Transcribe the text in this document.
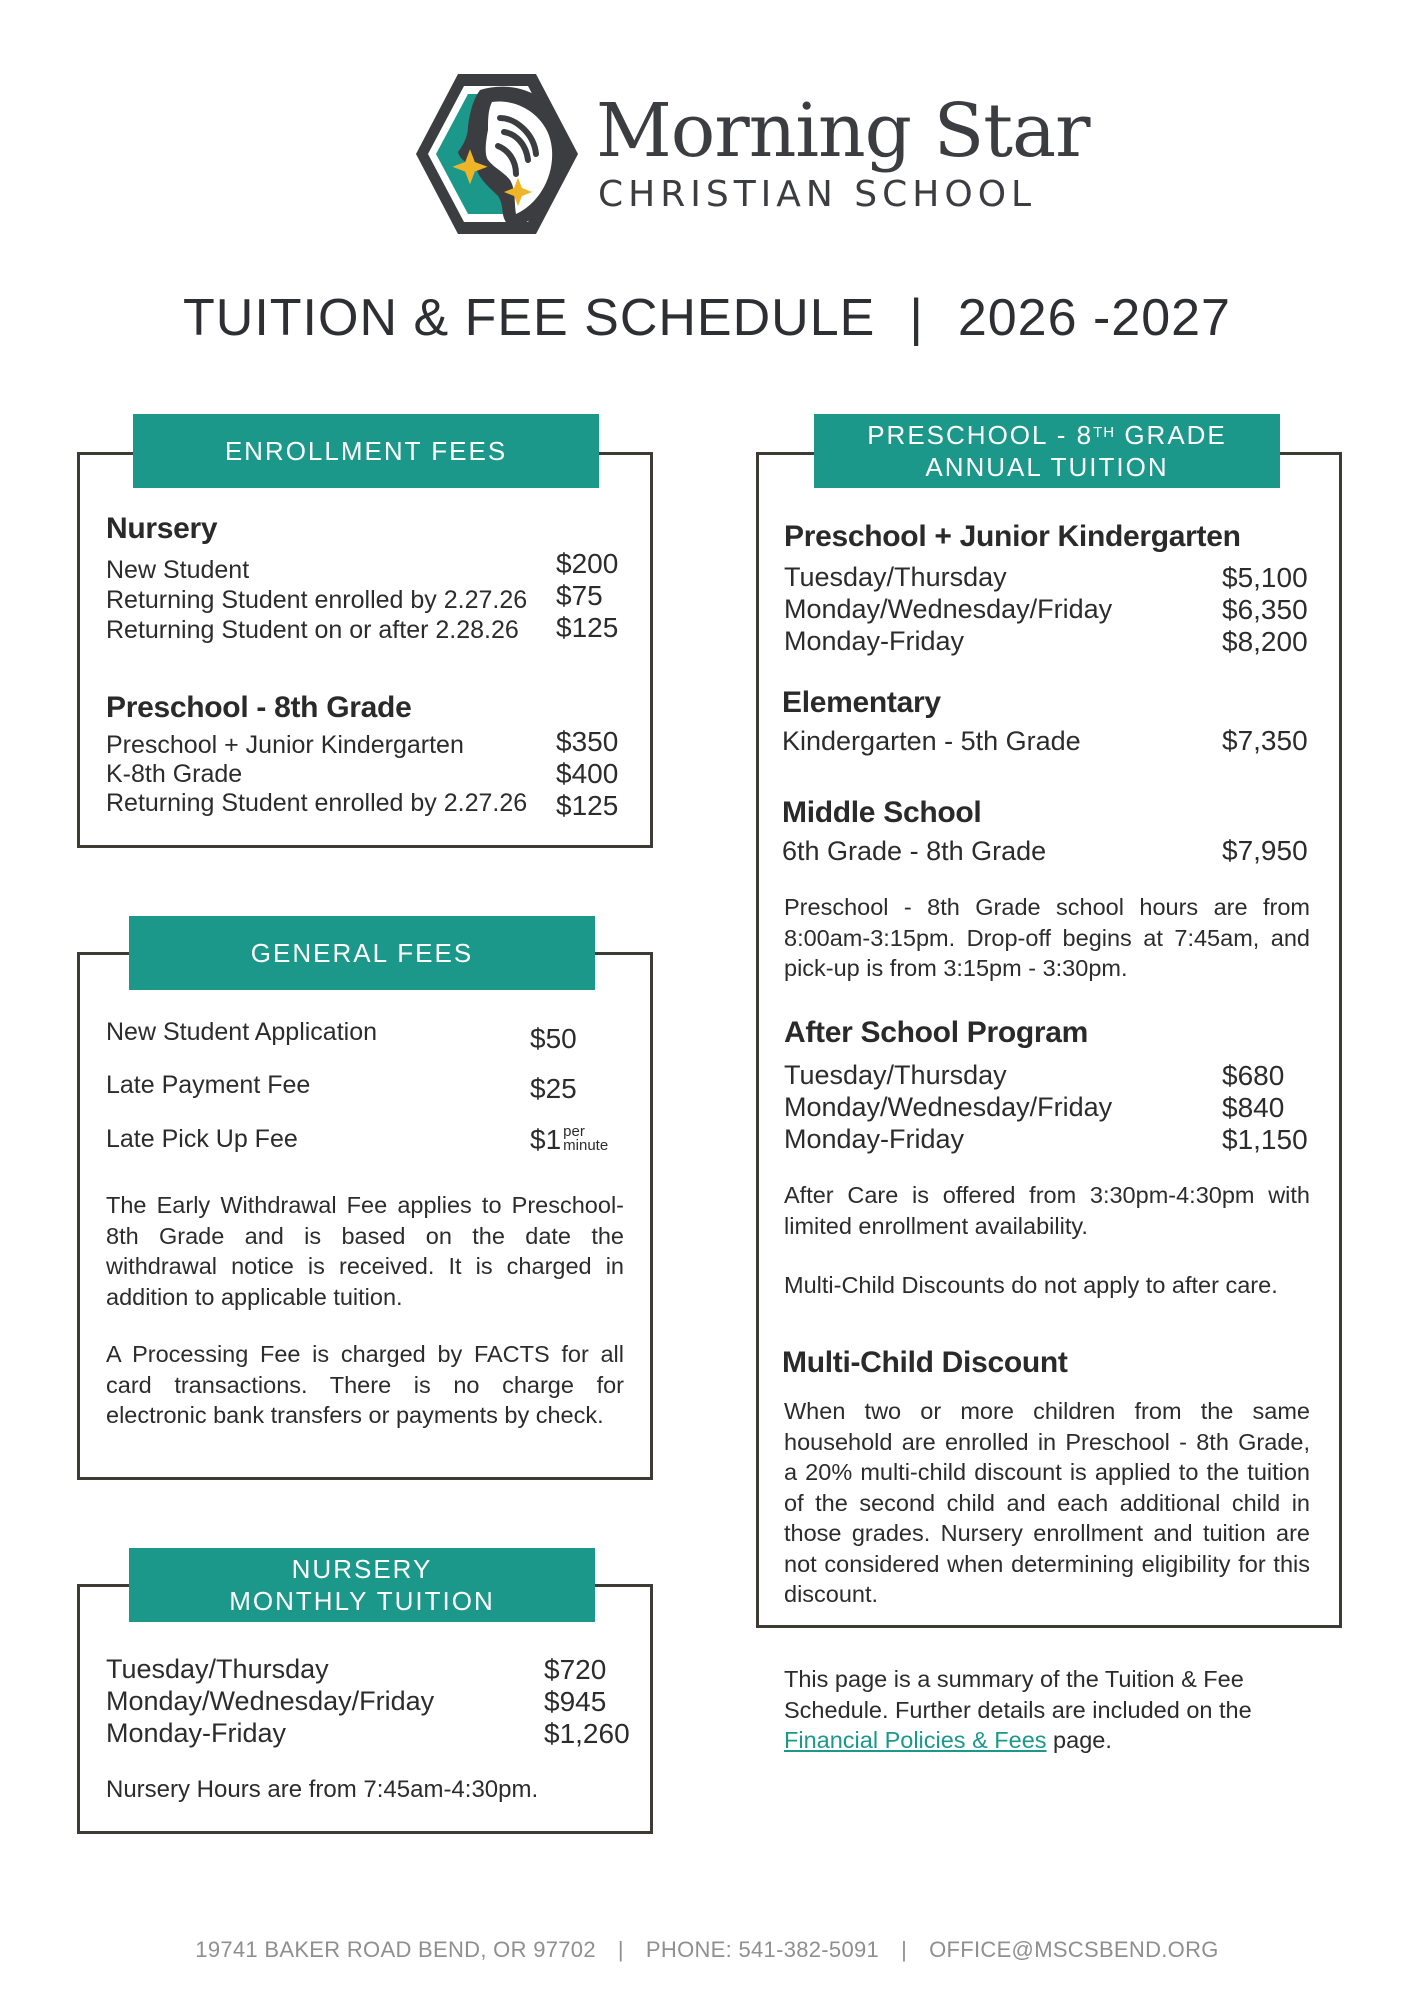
Morning Star
CHRISTIAN SCHOOL
TUITION & FEE SCHEDULE | 2026 -2027
ENROLLMENT FEES
Nursery
New Student	$200
Returning Student enrolled by 2.27.26 $75
Returning Student on or after 2.28.26 $125
Preschool - 8th Grade
Preschool + Junior Kindergarten	$350
K-8th Grade	$400
Returning Student enrolled by 2.27.26 $125
GENERAL FEES
New Student Application	$50
Late Payment Fee	$25
Late Pick Up Fee	$1 per
minute
The Early Withdrawal Fee applies to Preschool-8th Grade and is based on the date the withdrawal notice is received. It is charged in addition to applicable tuition.
A Processing Fee is charged by FACTS for all card transactions. There is no charge for electronic bank transfers or payments by check.
NURSERY
MONTHLY TUITION
Tuesday/Thursday	$720
Monday/Wednesday/Friday	$945
Monday-Friday	$1,260
Nursery Hours are from 7:45am-4:30pm.
PRESCHOOL - 8TH GRADE
ANNUAL TUITION
Preschool + Junior Kindergarten
Tuesday/Thursday	$5,100
Monday/Wednesday/Friday	$6,350
Monday-Friday	$8,200
Elementary
Kindergarten - 5th Grade	$7,350
Middle School
6th Grade - 8th Grade	$7,950
Preschool - 8th Grade school hours are from 8:00am-3:15pm. Drop-off begins at 7:45am, and pick-up is from 3:15pm - 3:30pm.
After School Program
Tuesday/Thursday	$680
Monday/Wednesday/Friday	$840
Monday-Friday	$1,150
After Care is offered from 3:30pm-4:30pm with limited enrollment availability.
Multi-Child Discounts do not apply to after care.
Multi-Child Discount
When two or more children from the same household are enrolled in Preschool - 8th Grade, a 20% multi-child discount is applied to the tuition of the second child and each additional child in those grades. Nursery enrollment and tuition are not considered when determining eligibility for this discount.
This page is a summary of the Tuition & Fee Schedule. Further details are included on the Financial Policies & Fees page.
19741 BAKER ROAD BEND, OR 97702 | PHONE: 541-382-5091 | OFFICE@MSCSBEND.ORG
